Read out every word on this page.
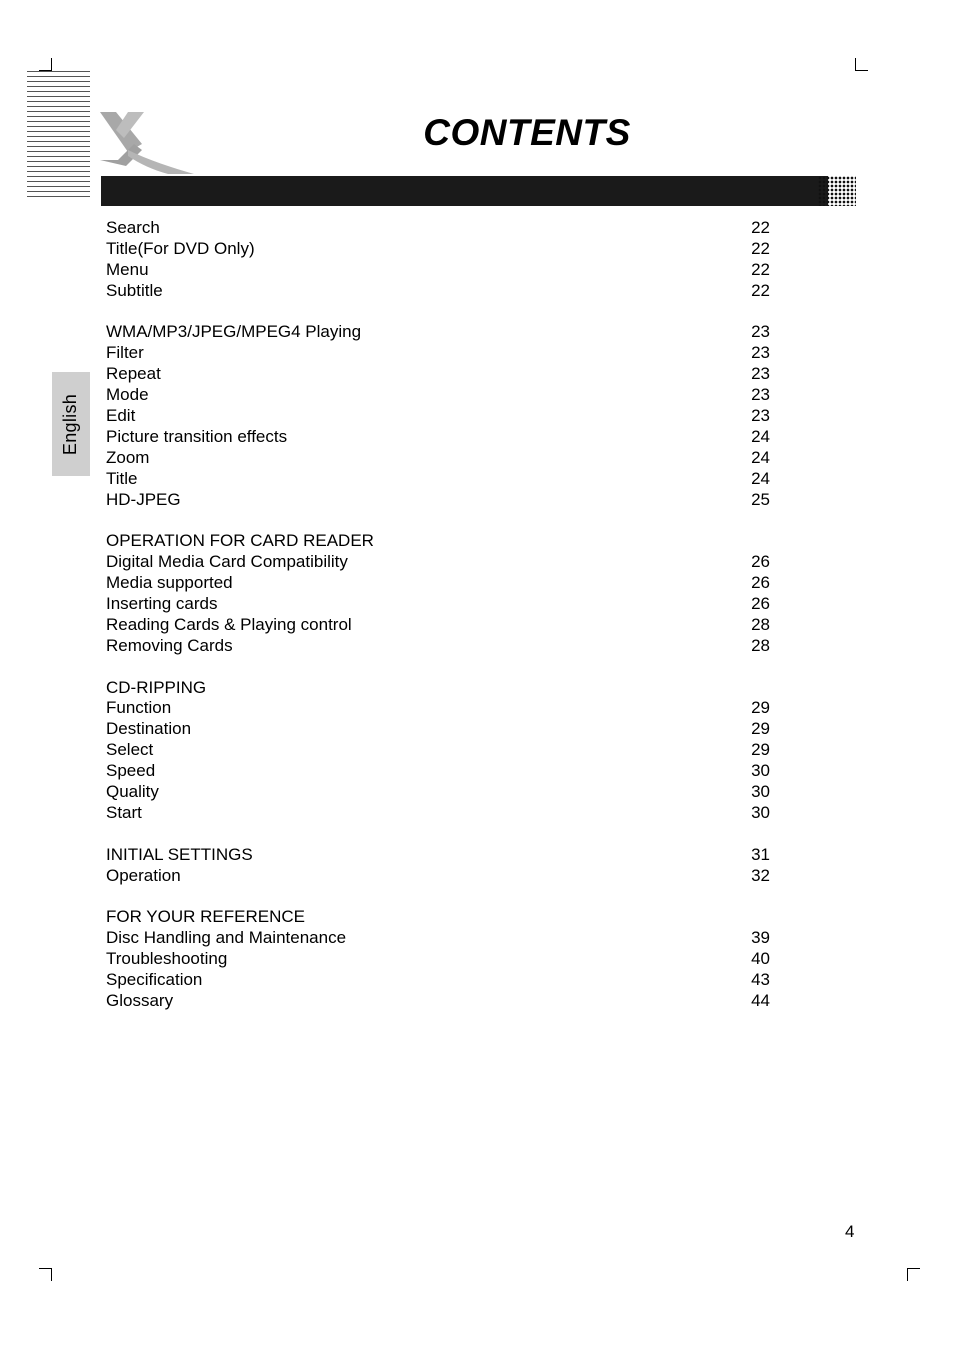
CONTENTS
English
Search	22
Title(For DVD Only)	22
Menu	22
Subtitle	22
WMA/MP3/JPEG/MPEG4 Playing	23
Filter	23
Repeat	23
Mode	23
Edit	23
Picture transition effects	24
Zoom	24
Title	24
HD-JPEG	25
OPERATION FOR CARD READER
Digital Media Card Compatibility	26
Media supported	26
Inserting cards	26
Reading Cards & Playing control	28
Removing Cards	28
CD-RIPPING
Function	29
Destination	29
Select	29
Speed	30
Quality	30
Start	30
INITIAL SETTINGS	31
Operation	32
FOR YOUR REFERENCE
Disc Handling and Maintenance	39
Troubleshooting	40
Specification	43
Glossary	44
4
